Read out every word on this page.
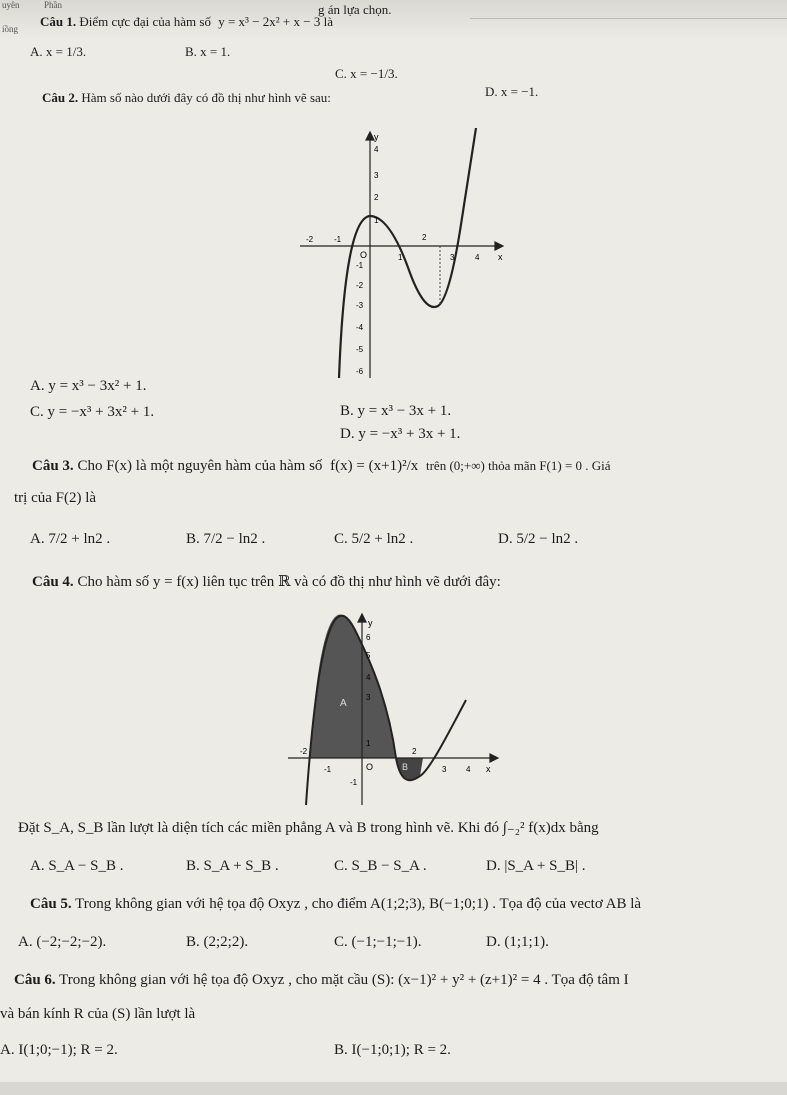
uyên	Phần
iồng
g án lựa chọn.
Câu 1. Điểm cực đại của hàm số y = x³ − 2x² + x − 3 là
A. x = 1/3.	B. x = 1.
C. x = −1/3.
D. x = −1.
Câu 2. Hàm số nào dưới đây có đồ thị như hình vẽ sau:
y
x
O
4
3
2
1
-1
-2
-3
-4
-5
-6
-2	-1
1
2
3	4
A. y = x³ − 3x² + 1.
B. y = x³ − 3x + 1.
C. y = −x³ + 3x² + 1.
D. y = −x³ + 3x + 1.
Câu 3. Cho F(x) là một nguyên hàm của hàm số f(x) = (x+1)²/x trên (0;+∞) thỏa mãn F(1) = 0 . Giá
trị của F(2) là
A. 7/2 + ln2 .	B. 7/2 − ln2 .	C. 5/2 + ln2 .	D. 5/2 − ln2 .
Câu 4. Cho hàm số y = f(x) liên tục trên ℝ và có đồ thị như hình vẽ dưới đây:
y
x
O
A
B
6
5
4
3
1
-1
-2
-1
2
3 4
Đặt S_A, S_B lần lượt là diện tích các miền phẳng A và B trong hình vẽ. Khi đó ∫₋₂² f(x)dx bằng
A. S_A − S_B .	B. S_A + S_B .	C. S_B − S_A .	D. |S_A + S_B| .
Câu 5. Trong không gian với hệ tọa độ Oxyz , cho điểm A(1;2;3), B(−1;0;1) . Tọa độ của vectơ AB là
A. (−2;−2;−2).	B. (2;2;2).	C. (−1;−1;−1).	D. (1;1;1).
Câu 6. Trong không gian với hệ tọa độ Oxyz , cho mặt cầu (S): (x−1)² + y² + (z+1)² = 4 . Tọa độ tâm I
và bán kính R của (S) lần lượt là
A. I(1;0;−1); R = 2.	B. I(−1;0;1); R = 2.
